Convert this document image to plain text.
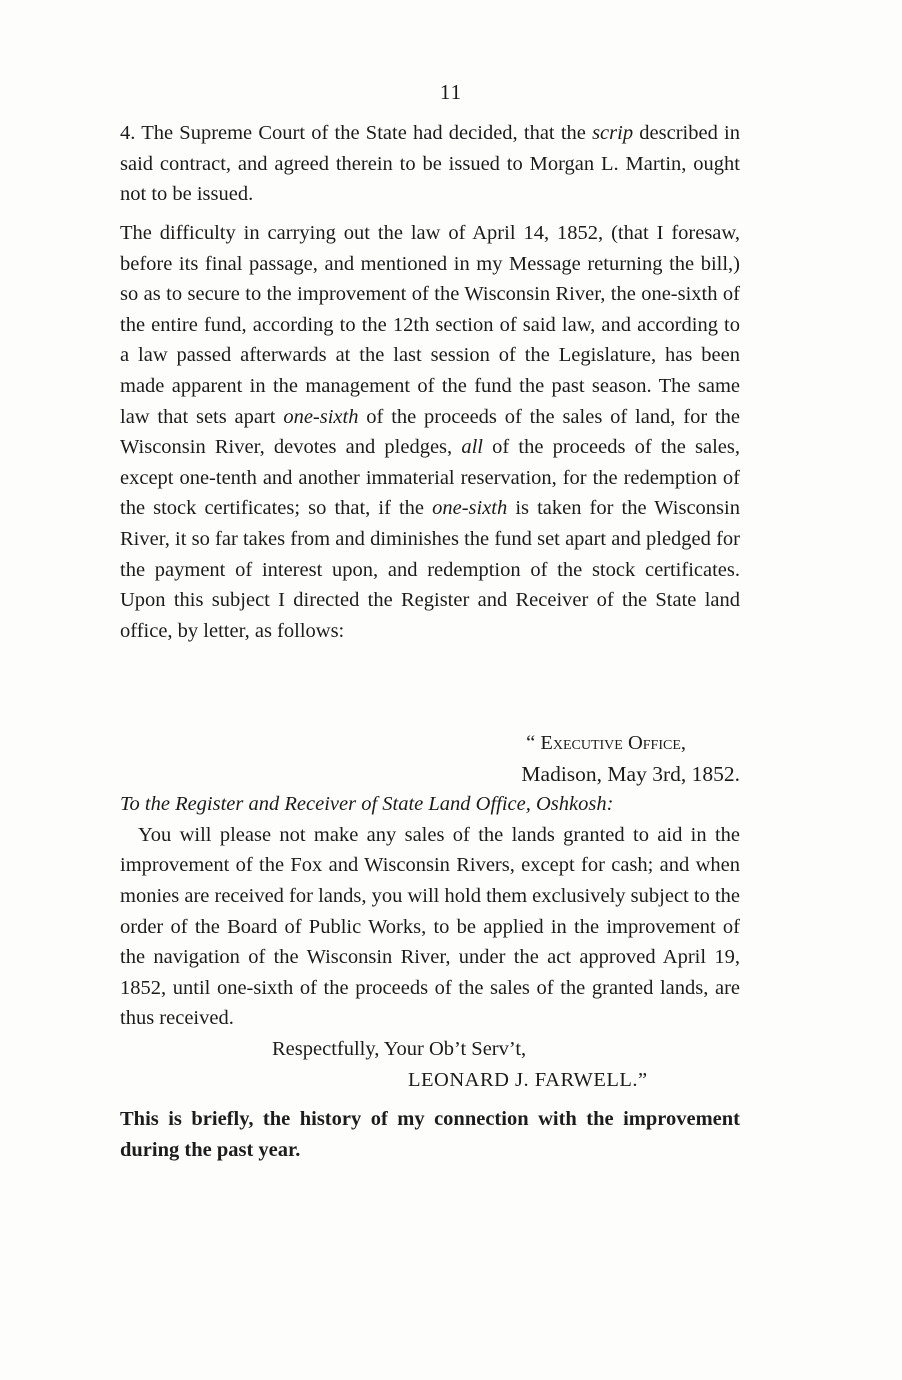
11

4. The Supreme Court of the State had decided, that the scrip described in said contract, and agreed therein to be issued to Morgan L. Martin, ought not to be issued.

The difficulty in carrying out the law of April 14, 1852, (that I foresaw, before its final passage, and mentioned in my Message returning the bill,) so as to secure to the improvement of the Wisconsin River, the one-sixth of the entire fund, according to the 12th section of said law, and according to a law passed afterwards at the last session of the Legislature, has been made apparent in the management of the fund the past season. The same law that sets apart one-sixth of the proceeds of the sales of land, for the Wisconsin River, devotes and pledges, all of the proceeds of the sales, except one-tenth and another immaterial reservation, for the redemption of the stock certificates; so that, if the one-sixth is taken for the Wisconsin River, it so far takes from and diminishes the fund set apart and pledged for the payment of interest upon, and redemption of the stock certificates. Upon this subject I directed the Register and Receiver of the State land office, by letter, as follows:

“ Executive Office,

Madison, May 3rd, 1852.

To the Register and Receiver of State Land Office, Oshkosh:

You will please not make any sales of the lands granted to aid in the improvement of the Fox and Wisconsin Rivers, except for cash; and when monies are received for lands, you will hold them exclusively subject to the order of the Board of Public Works, to be applied in the improvement of the navigation of the Wisconsin River, under the act approved April 19, 1852, until one-sixth of the proceeds of the sales of the granted lands, are thus received.

Respectfully, Your Ob’t Serv’t,

LEONARD J. FARWELL.”

This is briefly, the history of my connection with the improvement during the past year.
